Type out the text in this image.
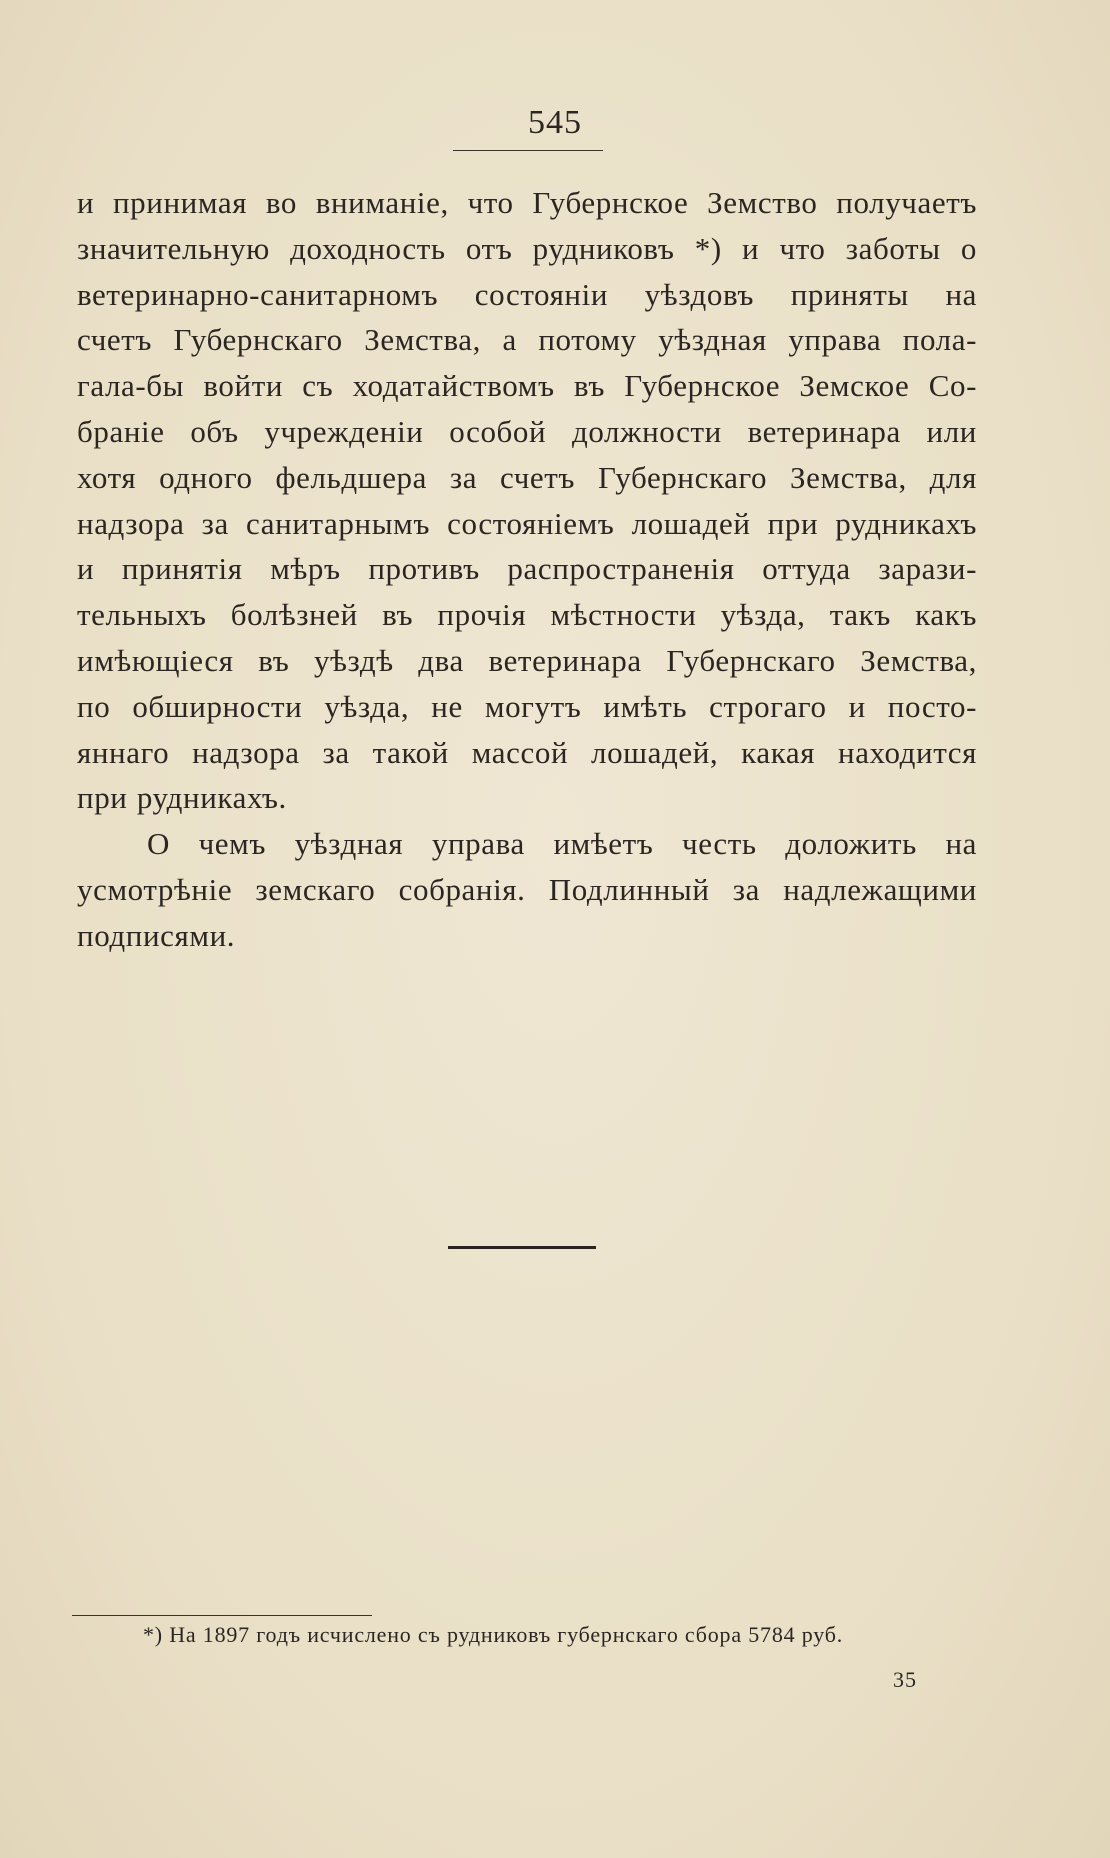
545
и принимая во вниманіе, что Губернское Земство получаетъ
значительную доходность отъ рудниковъ *) и что заботы о
ветеринарно-санитарномъ состояніи уѣздовъ приняты на
счетъ Губернскаго Земства, а потому уѣздная управа пола-
гала-бы войти съ ходатайствомъ въ Губернское Земское Со-
браніе объ учрежденіи особой должности ветеринара или
хотя одного фельдшера за счетъ Губернскаго Земства, для
надзора за санитарнымъ состояніемъ лошадей при рудникахъ
и принятія мѣръ противъ распространенія оттуда зарази-
тельныхъ болѣзней въ прочія мѣстности уѣзда, такъ какъ
имѣющіеся въ уѣздѣ два ветеринара Губернскаго Земства,
по обширности уѣзда, не могутъ имѣть строгаго и посто-
яннаго надзора за такой массой лошадей, какая находится
при рудникахъ.
О чемъ уѣздная управа имѣетъ честь доложить на
усмотрѣніе земскаго собранія. Подлинный за надлежащими
подписями.
*) На 1897 годъ исчислено съ рудниковъ губернскаго сбора 5784 руб.
35
